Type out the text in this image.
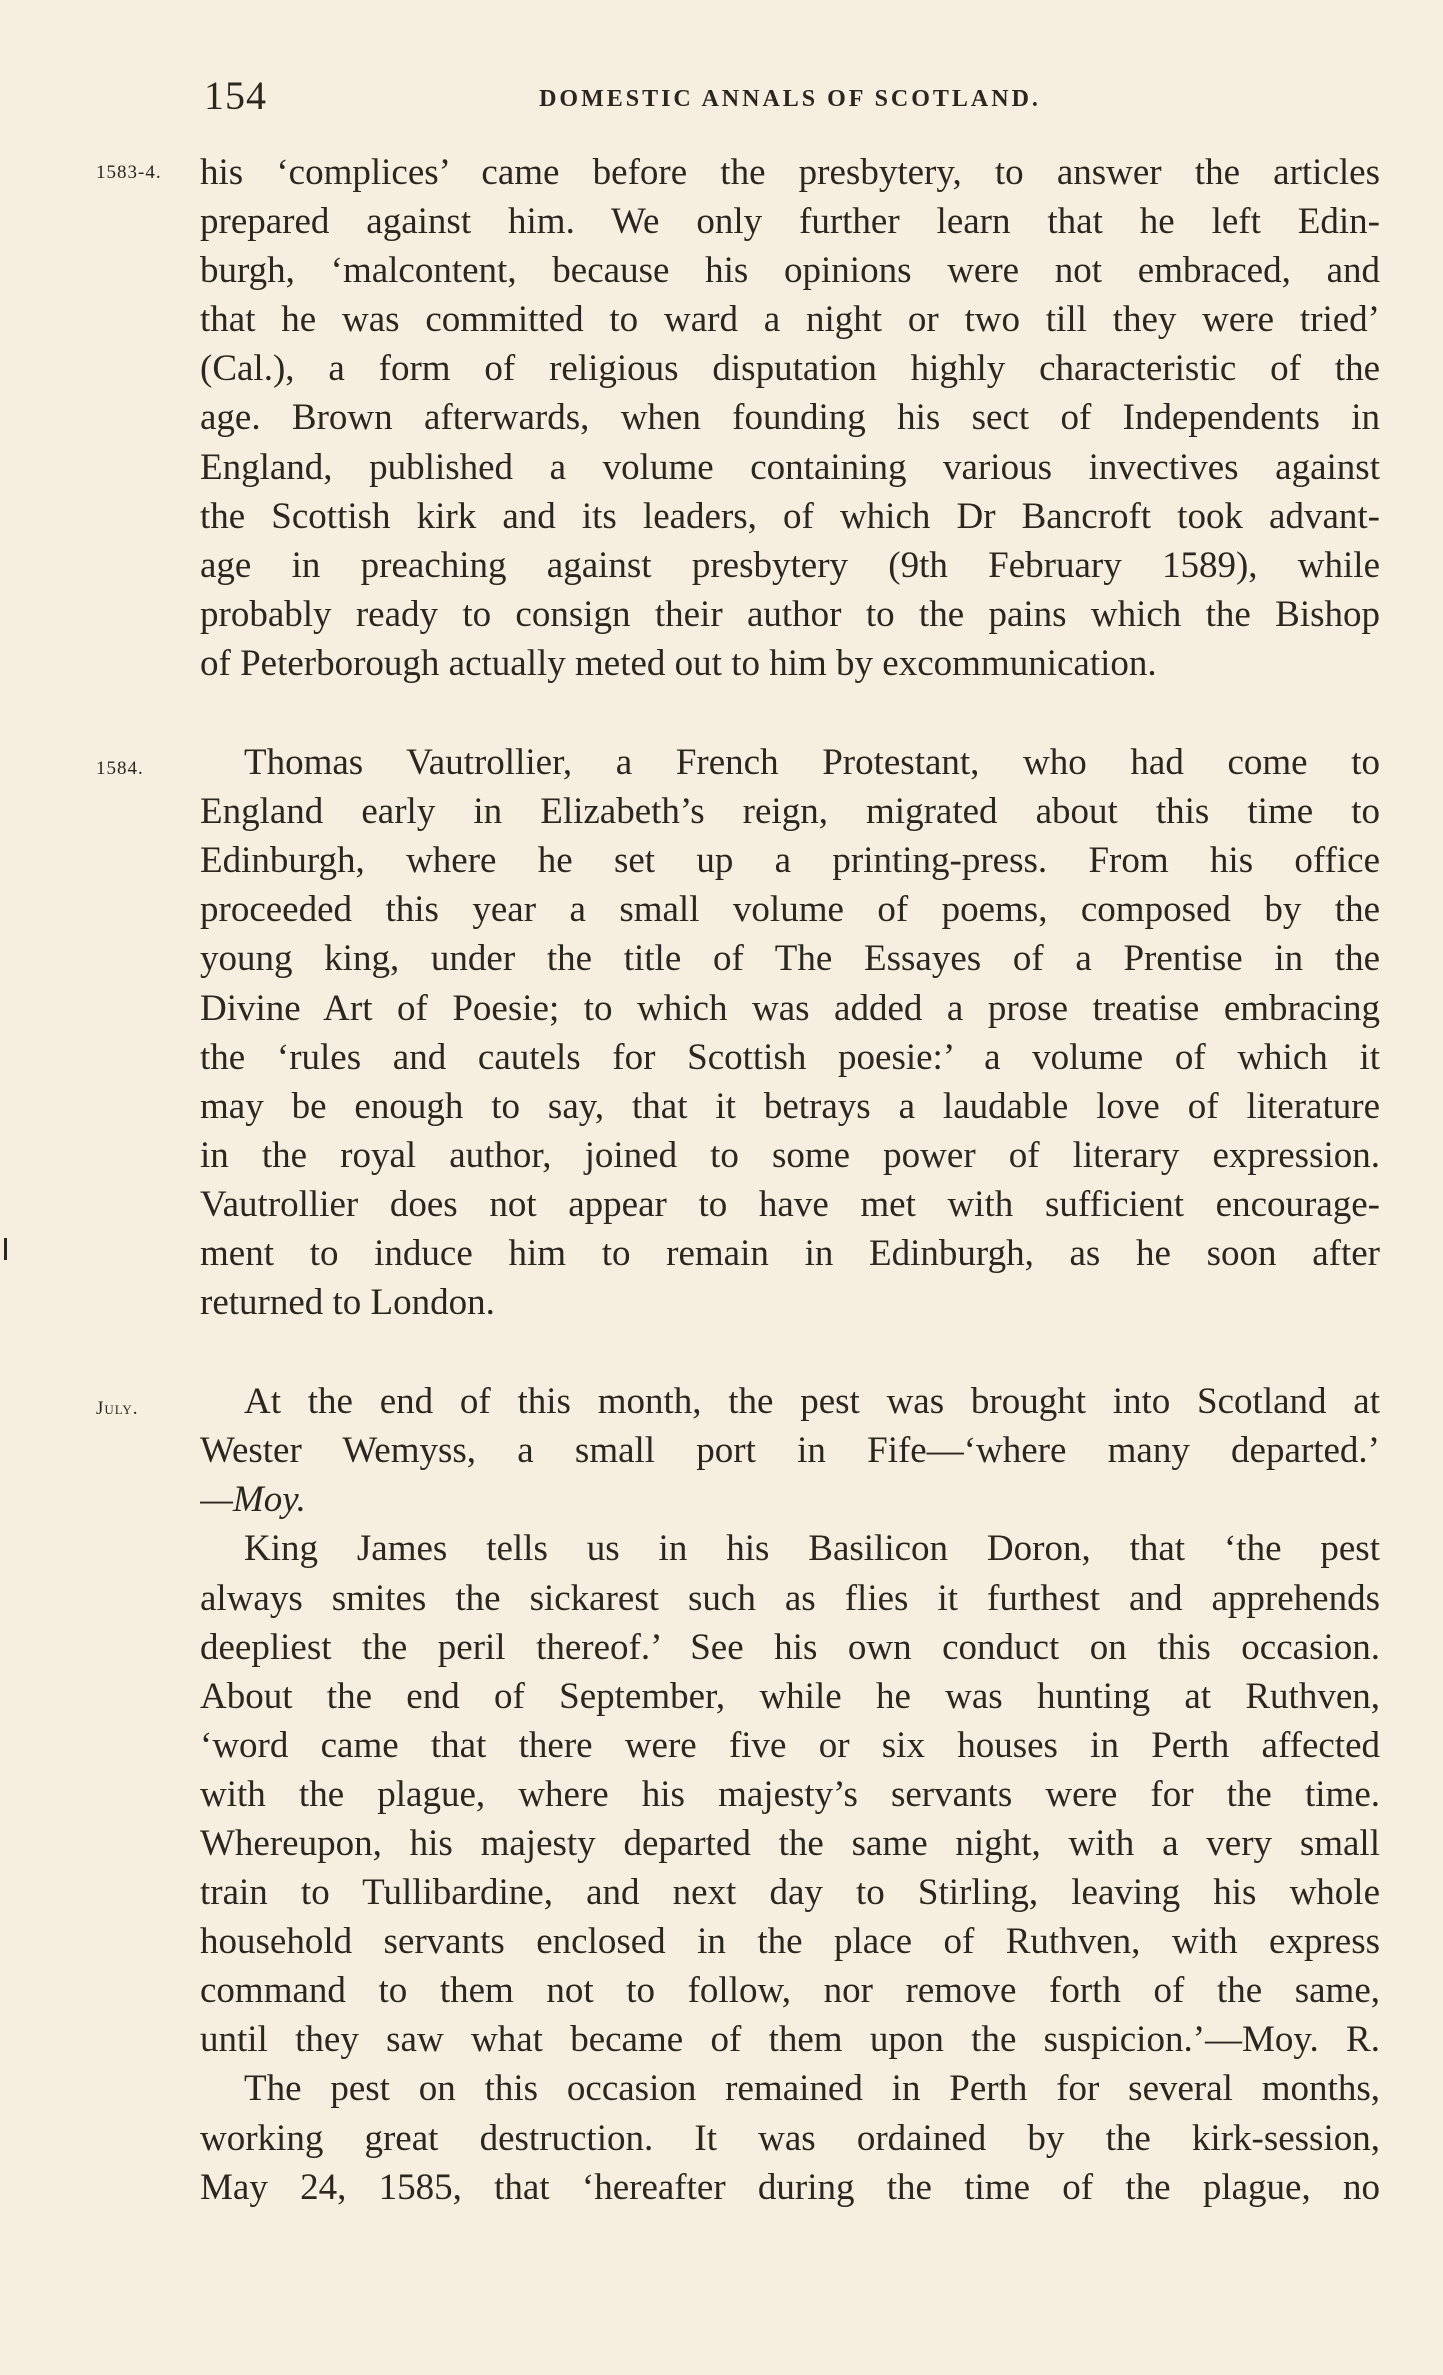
154	DOMESTIC ANNALS OF SCOTLAND.
1583-4.
1584.
July.
his ‘complices’ came before the presbytery, to answer the articles
prepared against him. We only further learn that he left Edin-
burgh, ‘malcontent, because his opinions were not embraced, and
that he was committed to ward a night or two till they were tried’
(Cal.), a form of religious disputation highly characteristic of the
age. Brown afterwards, when founding his sect of Independents in
England, published a volume containing various invectives against
the Scottish kirk and its leaders, of which Dr Bancroft took advant-
age in preaching against presbytery (9th February 1589), while
probably ready to consign their author to the pains which the Bishop
of Peterborough actually meted out to him by excommunication.
Thomas Vautrollier, a French Protestant, who had come to
England early in Elizabeth’s reign, migrated about this time to
Edinburgh, where he set up a printing-press. From his office
proceeded this year a small volume of poems, composed by the
young king, under the title of The Essayes of a Prentise in the
Divine Art of Poesie; to which was added a prose treatise embracing
the ‘rules and cautels for Scottish poesie:’ a volume of which it
may be enough to say, that it betrays a laudable love of literature
in the royal author, joined to some power of literary expression.
Vautrollier does not appear to have met with sufficient encourage-
ment to induce him to remain in Edinburgh, as he soon after
returned to London.
At the end of this month, the pest was brought into Scotland at
Wester Wemyss, a small port in Fife—‘where many departed.’
—Moy.
King James tells us in his Basilicon Doron, that ‘the pest
always smites the sickarest such as flies it furthest and apprehends
deepliest the peril thereof.’ See his own conduct on this occasion.
About the end of September, while he was hunting at Ruthven,
‘word came that there were five or six houses in Perth affected
with the plague, where his majesty’s servants were for the time.
Whereupon, his majesty departed the same night, with a very small
train to Tullibardine, and next day to Stirling, leaving his whole
household servants enclosed in the place of Ruthven, with express
command to them not to follow, nor remove forth of the same,
until they saw what became of them upon the suspicion.’—Moy. R.
The pest on this occasion remained in Perth for several months,
working great destruction. It was ordained by the kirk-session,
May 24, 1585, that ‘hereafter during the time of the plague, no
